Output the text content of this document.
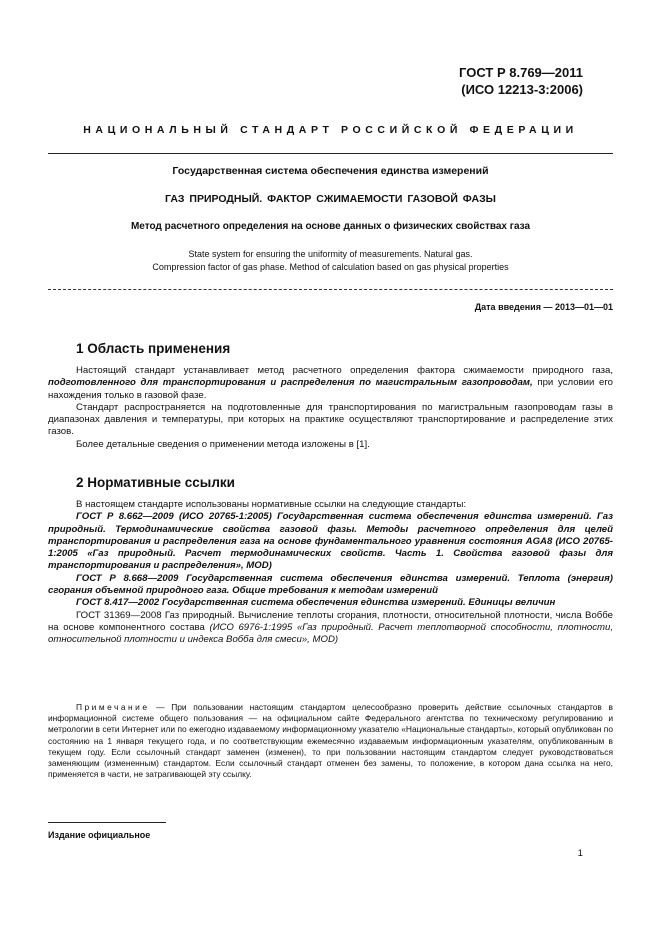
ГОСТ Р 8.769—2011
(ИСО 12213-3:2006)
НАЦИОНАЛЬНЫЙ СТАНДАРТ РОССИЙСКОЙ ФЕДЕРАЦИИ
Государственная система обеспечения единства измерений
ГАЗ ПРИРОДНЫЙ. ФАКТОР СЖИМАЕМОСТИ ГАЗОВОЙ ФАЗЫ
Метод расчетного определения на основе данных о физических свойствах газа
State system for ensuring the uniformity of measurements. Natural gas.
Compression factor of gas phase. Method of calculation based on gas physical properties
Дата введения — 2013—01—01
1 Область применения

Настоящий стандарт устанавливает метод расчетного определения фактора сжимаемости природного газа, подготовленного для транспортирования и распределения по магистральным газопроводам, при условии его нахождения только в газовой фазе.

Стандарт распространяется на подготовленные для транспортирования по магистральным газопроводам газы в диапазонах давления и температуры, при которых на практике осуществляют транспортирование и распределение этих газов.

Более детальные сведения о применении метода изложены в [1].

2 Нормативные ссылки

В настоящем стандарте использованы нормативные ссылки на следующие стандарты:

ГОСТ Р 8.662—2009 (ИСО 20765-1:2005) Государственная система обеспечения единства измерений. Газ природный. Термодинамические свойства газовой фазы. Методы расчетного определения для целей транспортирования и распределения газа на основе фундаментального уравнения состояния AGA8 (ИСО 20765-1:2005 «Газ природный. Расчет термодинамических свойств. Часть 1. Свойства газовой фазы для транспортирования и распределения», MOD)

ГОСТ Р 8.668—2009 Государственная система обеспечения единства измерений. Теплота (энергия) сгорания объемной природного газа. Общие требования к методам измерений

ГОСТ 8.417—2002 Государственная система обеспечения единства измерений. Единицы величин

ГОСТ 31369—2008 Газ природный. Вычисление теплоты сгорания, плотности, относительной плотности, числа Воббе на основе компонентного состава (ИСО 6976-1:1995 «Газ природный. Расчет теплотворной способности, плотности, относительной плотности и индекса Вобба для смеси», MOD)

Примечание — При пользовании настоящим стандартом целесообразно проверить действие ссылочных стандартов в информационной системе общего пользования — на официальном сайте Федерального агентства по техническому регулированию и метрологии в сети Интернет или по ежегодно издаваемому информационному указателю «Национальные стандарты», который опубликован по состоянию на 1 января текущего года, и по соответствующим ежемесячно издаваемым информационным указателям, опубликованным в текущем году. Если ссылочный стандарт заменен (изменен), то при пользовании настоящим стандартом следует руководствоваться заменяющим (измененным) стандартом. Если ссылочный стандарт отменен без замены, то положение, в котором дана ссылка на него, применяется в части, не затрагивающей эту ссылку.
Издание официальное
1
